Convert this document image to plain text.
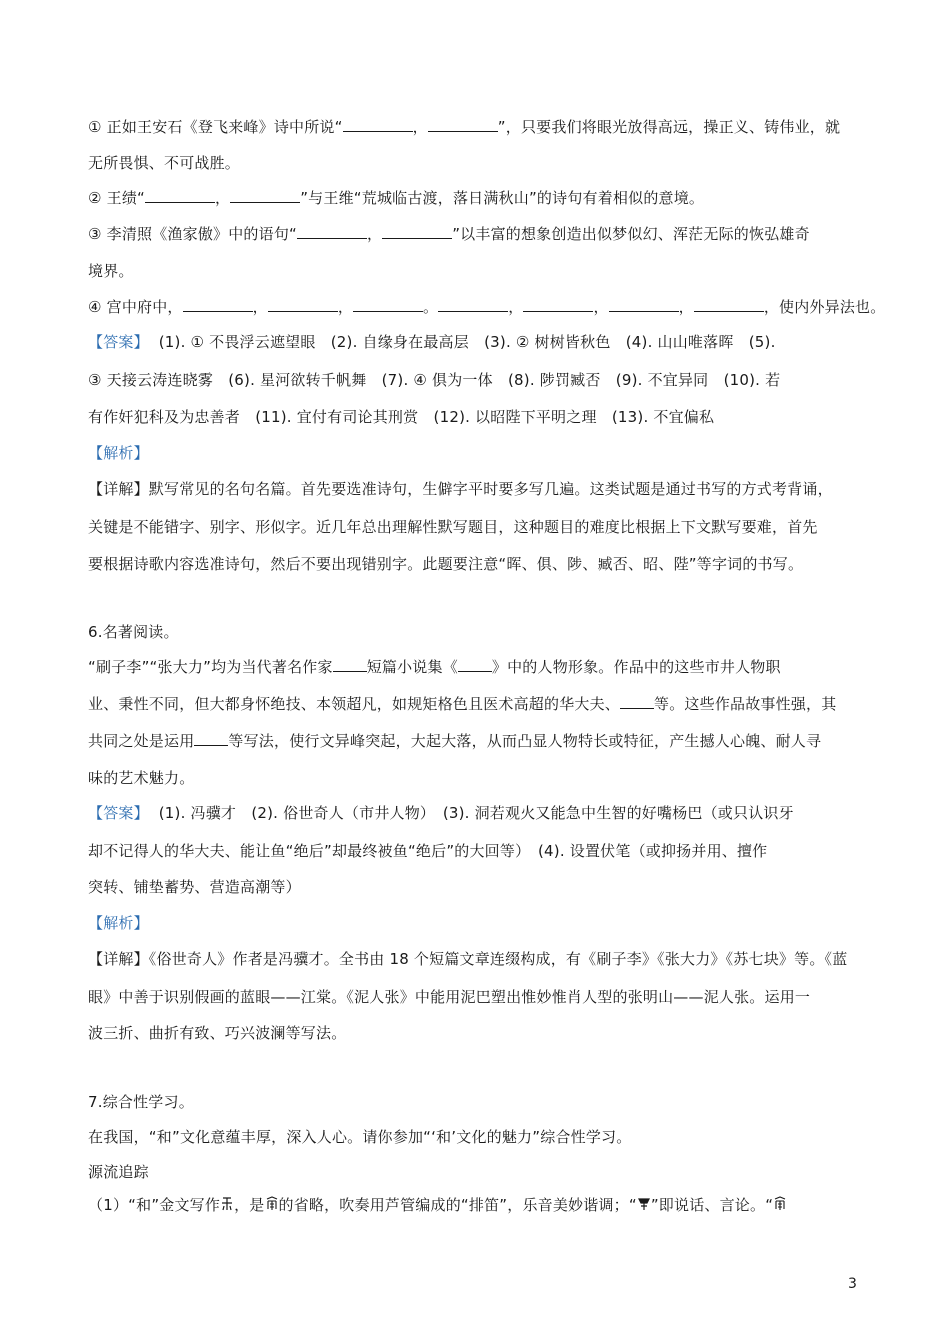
① 正如王安石《登飞来峰》诗中所说“	，	”，只要我们将眼光放得高远，操正义、铸伟业，就
无所畏惧、不可战胜。
② 王绩“	，	”与王维“荒城临古渡，落日满秋山”的诗句有着相似的意境。
③ 李清照《渔家傲》中的语句“	，	”以丰富的想象创造出似梦似幻、浑茫无际的恢弘雄奇
境界。
④ 宫中府中，	，	，	。	，	，	，	，使内外异法也。
【答案】 (1). ① 不畏浮云遮望眼　(2). 自缘身在最高层　(3). ② 树树皆秋色　(4). 山山唯落晖　(5).
③ 天接云涛连晓雾　(6). 星河欲转千帆舞　(7). ④ 俱为一体　(8). 陟罚臧否　(9). 不宜异同　(10). 若
有作奸犯科及为忠善者　(11). 宜付有司论其刑赏　(12). 以昭陛下平明之理　(13). 不宜偏私
【解析】
【详解】默写常见的名句名篇。首先要选准诗句，生僻字平时要多写几遍。这类试题是通过书写的方式考背诵，
关键是不能错字、别字、形似字。近几年总出理解性默写题目，这种题目的难度比根据上下文默写要难，首先
要根据诗歌内容选准诗句，然后不要出现错别字。此题要注意“晖、俱、陟、臧否、昭、陛”等字词的书写。
6.名著阅读。
“刷子李”“张大力”均为当代著名作家 短篇小说集《 》中的人物形象。作品中的这些市井人物职
业、秉性不同，但大都身怀绝技、本领超凡，如规矩格色且医术高超的华大夫、 等。这些作品故事性强，其
共同之处是运用 等写法，使行文异峰突起，大起大落，从而凸显人物特长或特征，产生撼人心魄、耐人寻
味的艺术魅力。
【答案】 (1). 冯骥才　(2). 俗世奇人（市井人物）　(3). 洞若观火又能急中生智的好嘴杨巴（或只认识牙
却不记得人的华大夫、能让鱼“绝后”却最终被鱼“绝后”的大回等）　(4). 设置伏笔（或抑扬并用、擅作
突转、铺垫蓄势、营造高潮等）
【解析】
【详解】《俗世奇人》作者是冯骥才。全书由 18 个短篇文章连缀构成，有《刷子李》《张大力》《苏七块》等。《蓝
眼》中善于识别假画的蓝眼——江棠。《泥人张》中能用泥巴塑出惟妙惟肖人型的张明山——泥人张。运用一
波三折、曲折有致、巧兴波澜等写法。
7.综合性学习。
在我国，“和”文化意蕴丰厚，深入人心。请你参加“‘和’文化的魅力”综合性学习。
源流追踪
（1）“和”金文写作 ，是 的省略，吹奏用芦管编成的“排笛”，乐音美妙谐调；“ ”即说话、言论。“
3
